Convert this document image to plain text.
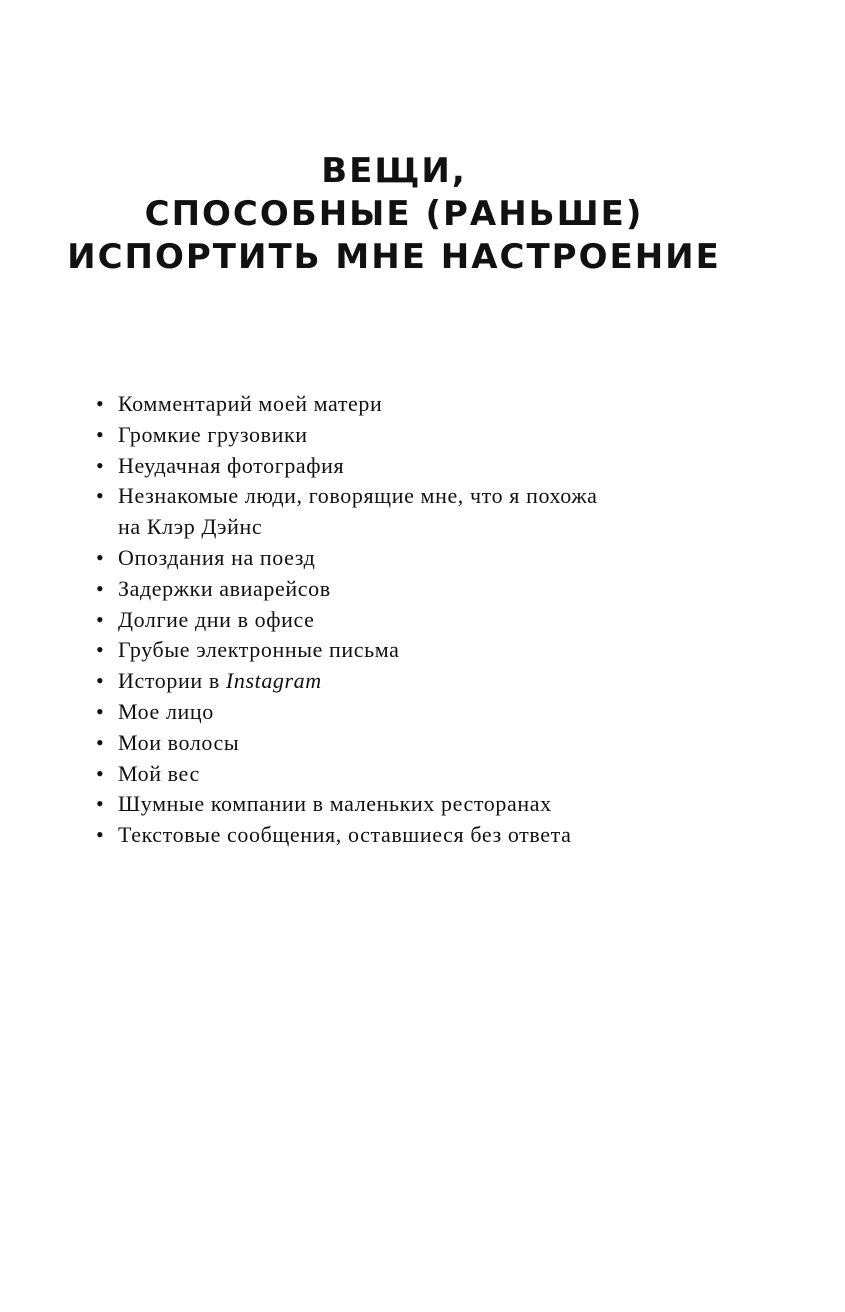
ВЕЩИ,
СПОСОБНЫЕ (РАНЬШЕ)
ИСПОРТИТЬ МНЕ НАСТРОЕНИЕ
• Комментарий моей матери
• Громкие грузовики
• Неудачная фотография
• Незнакомые люди, говорящие мне, что я похожа
на Клэр Дэйнс
• Опоздания на поезд
• Задержки авиарейсов
• Долгие дни в офисе
• Грубые электронные письма
• Истории в Instagram
• Мое лицо
• Мои волосы
• Мой вес
• Шумные компании в маленьких ресторанах
• Текстовые сообщения, оставшиеся без ответа
